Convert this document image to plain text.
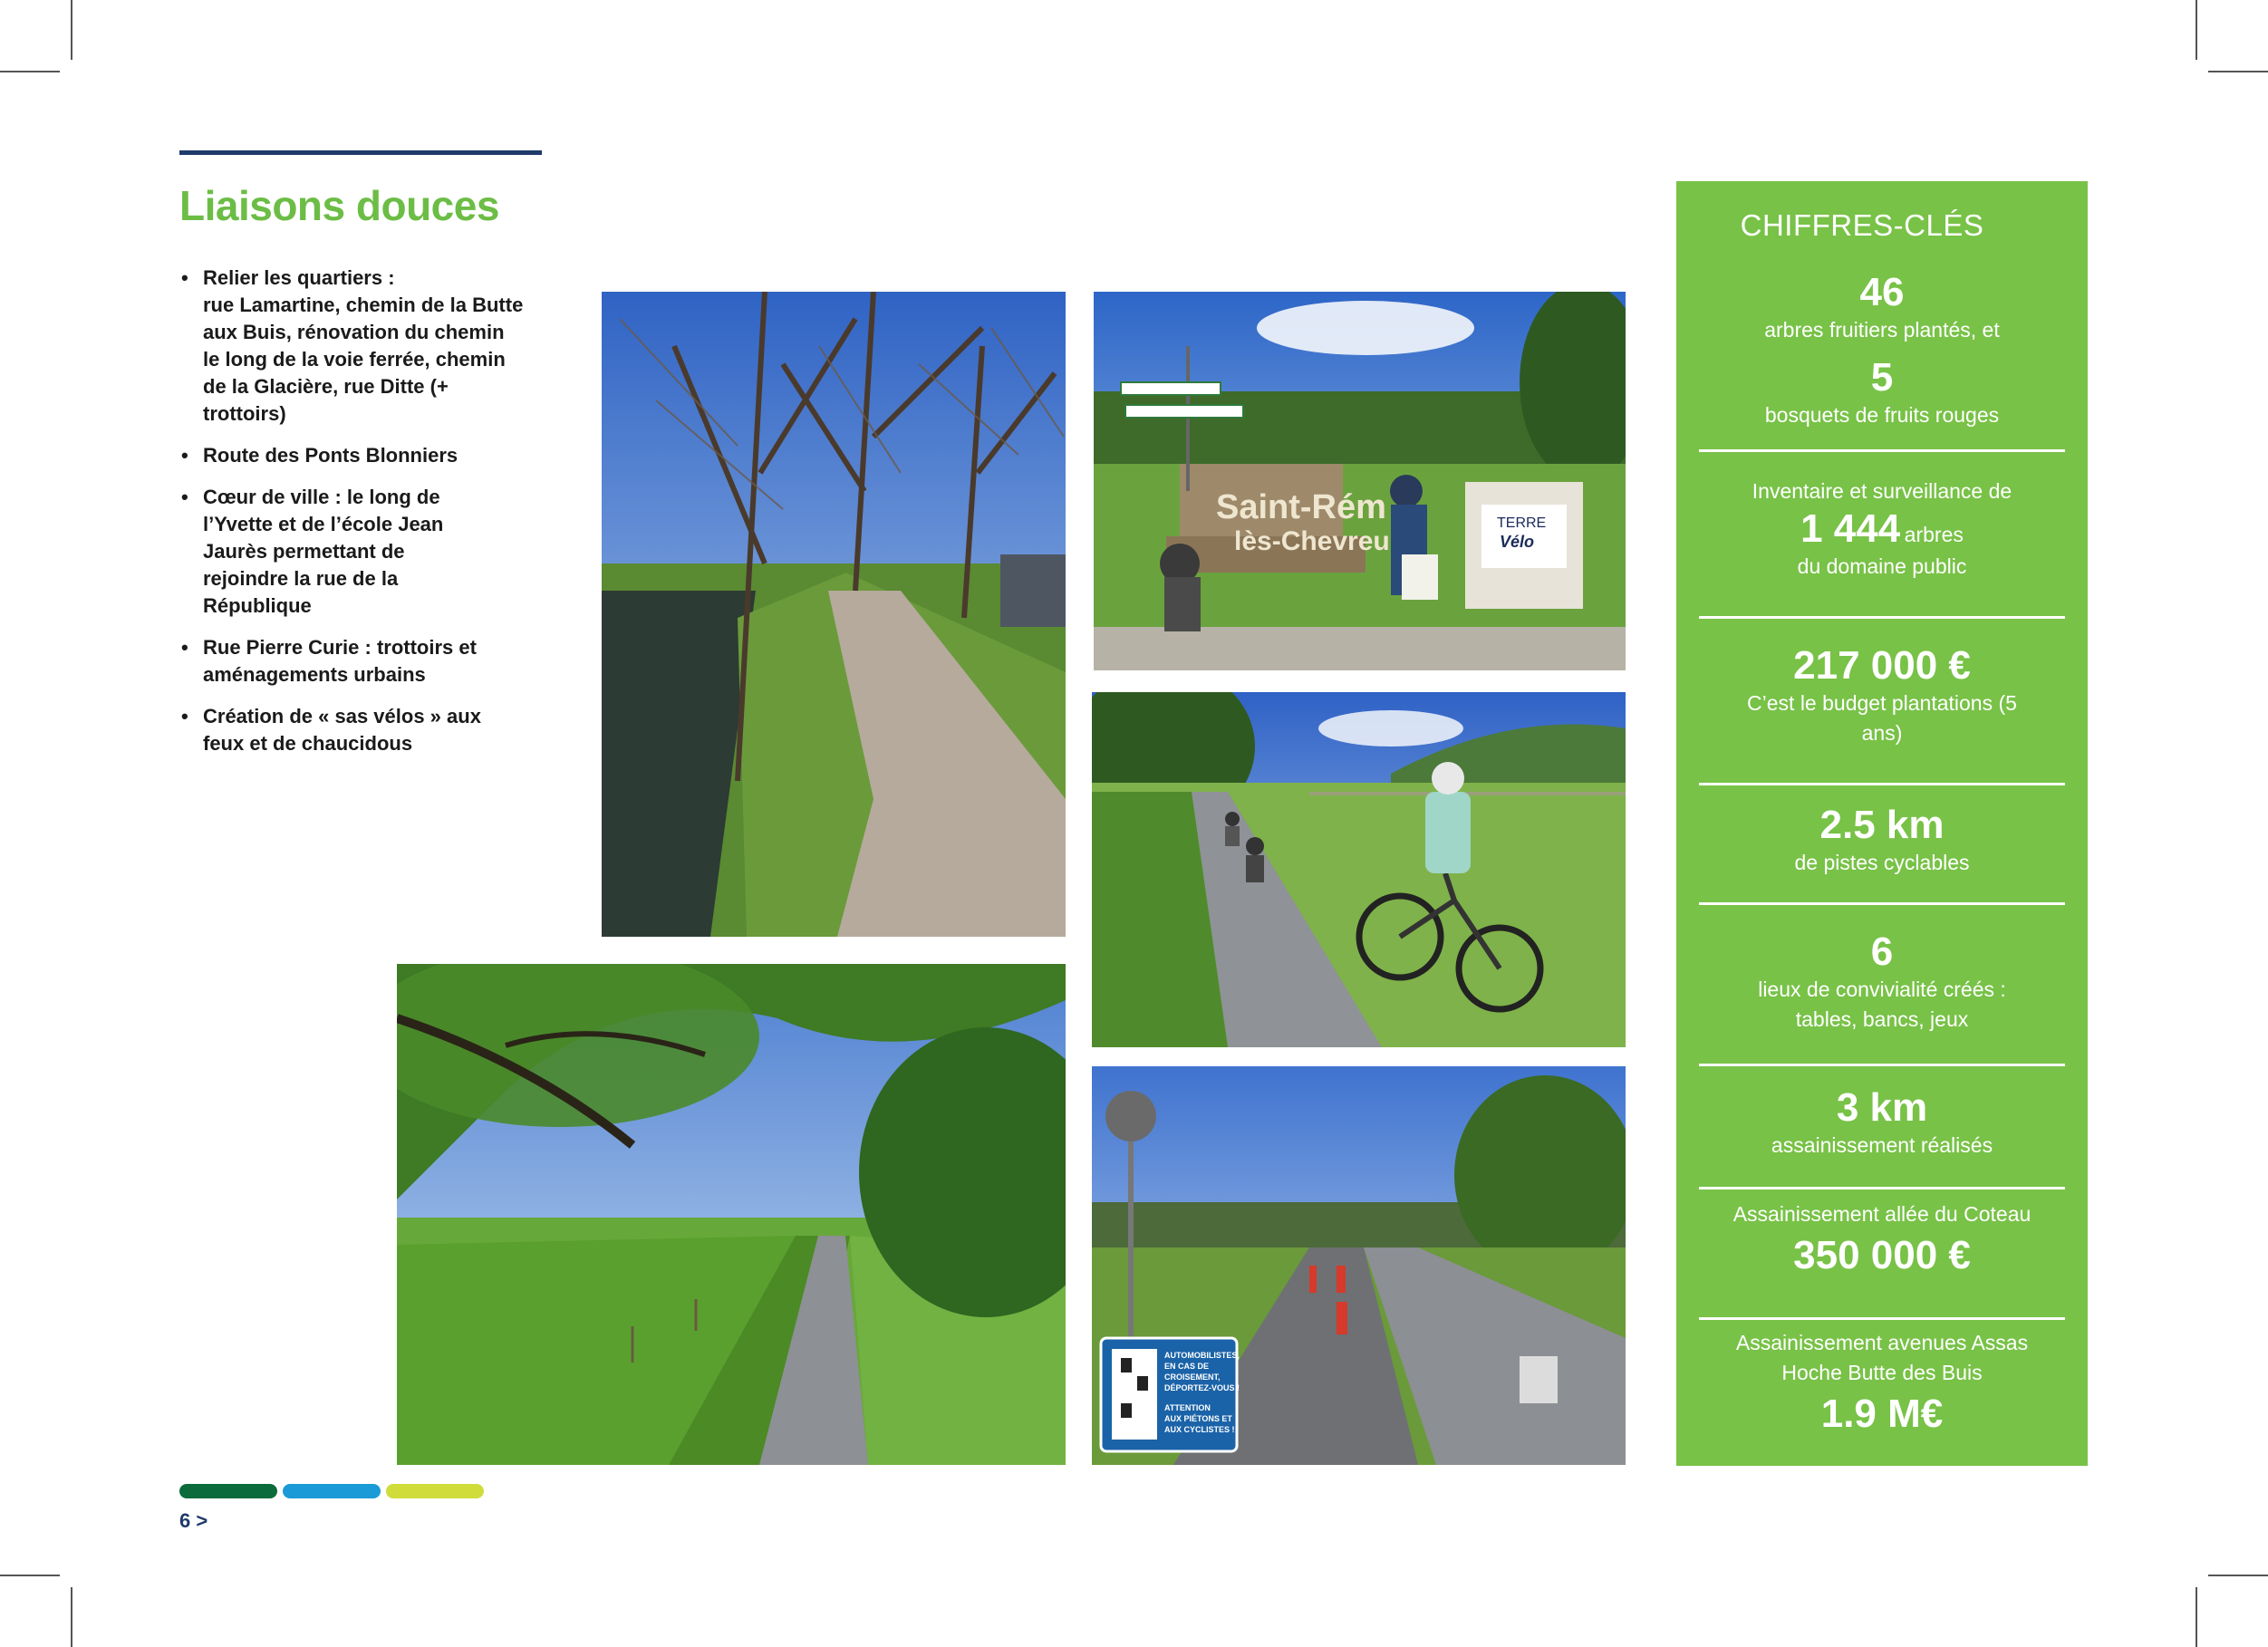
Liaisons douces
• Relier les quartiers :
rue Lamartine, chemin de la Butte
aux Buis, rénovation du chemin
le long de la voie ferrée, chemin
de la Glacière, rue Ditte (+
trottoirs)
• Route des Ponts Blonniers
• Cœur de ville : le long de
l’Yvette et de l’école Jean
Jaurès permettant de
rejoindre la rue de la
République
• Rue Pierre Curie : trottoirs et
aménagements urbains
• Création de « sas vélos » aux
feux et de chaucidous
Saint-Rém
lès-Chevreu
TERRE
Vélo
AUTOMOBILISTES,
EN CAS DE
CROISEMENT,
DÉPORTEZ-VOUS !
ATTENTION
AUX PIÉTONS ET
AUX CYCLISTES !
CHIFFRES-CLÉS
46
arbres fruitiers plantés, et
5
bosquets de fruits rouges
Inventaire et surveillance de
1 444 arbres
du domaine public
217 000 €
C’est le budget plantations (5
ans)
2.5 km
de pistes cyclables
6
lieux de convivialité créés :
tables, bancs, jeux
3 km
assainissement réalisés
Assainissement allée du Coteau
350 000 €
Assainissement avenues Assas
Hoche Butte des Buis
1.9 M€
6 >
